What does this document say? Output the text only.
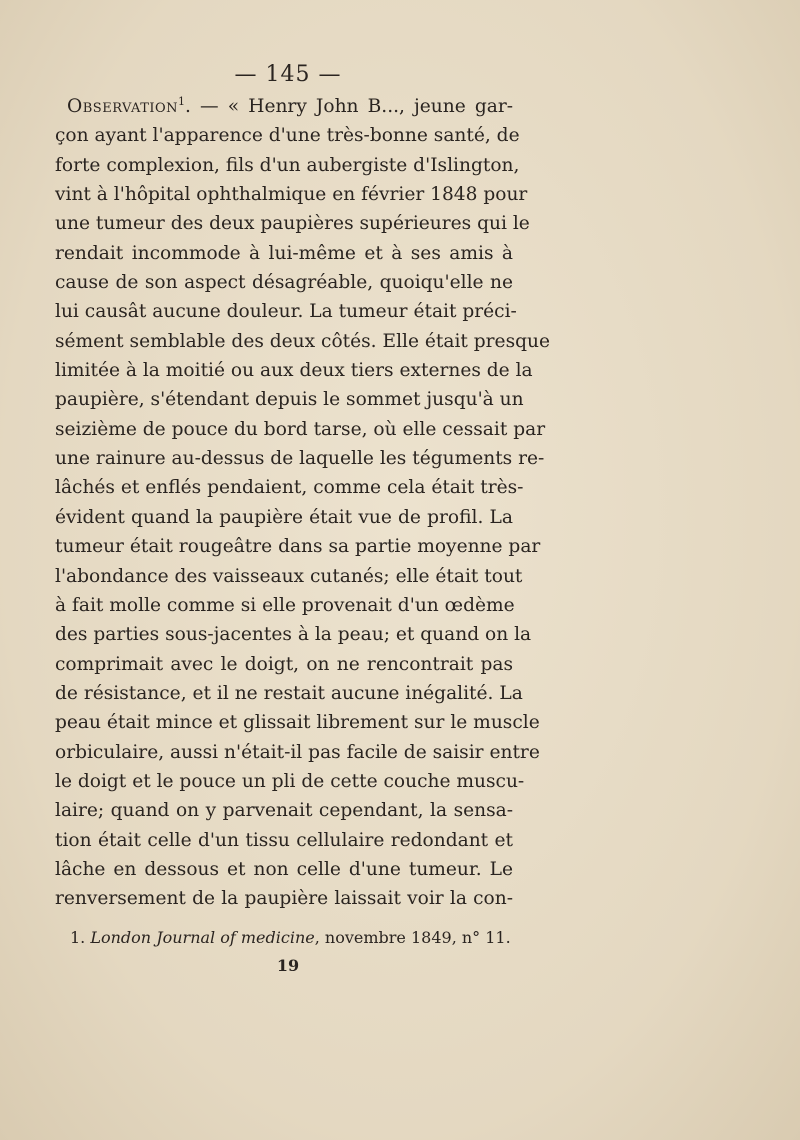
— 145 —
Observation$^1$. — « Henry John B..., jeune gar-
çon ayant l'apparence d'une très-bonne santé, de
forte complexion, fils d'un aubergiste d'Islington,
vint à l'hôpital ophthalmique en février 1848 pour
une tumeur des deux paupières supérieures qui le
rendait incommode à lui-même et à ses amis à
cause de son aspect désagréable, quoiqu'elle ne
lui causât aucune douleur. La tumeur était préci-
sément semblable des deux côtés. Elle était presque
limitée à la moitié ou aux deux tiers externes de la
paupière, s'étendant depuis le sommet jusqu'à un
seizième de pouce du bord tarse, où elle cessait par
une rainure au-dessus de laquelle les téguments re-
lâchés et enflés pendaient, comme cela était très-
évident quand la paupière était vue de profil. La
tumeur était rougeâtre dans sa partie moyenne par
l'abondance des vaisseaux cutanés; elle était tout
à fait molle comme si elle provenait d'un œdème
des parties sous-jacentes à la peau; et quand on la
comprimait avec le doigt, on ne rencontrait pas
de résistance, et il ne restait aucune inégalité. La
peau était mince et glissait librement sur le muscle
orbiculaire, aussi n'était-il pas facile de saisir entre
le doigt et le pouce un pli de cette couche muscu-
laire; quand on y parvenait cependant, la sensa-
tion était celle d'un tissu cellulaire redondant et
lâche en dessous et non celle d'une tumeur. Le
renversement de la paupière laissait voir la con-
1. London Journal of medicine, novembre 1849, n° 11.
19
